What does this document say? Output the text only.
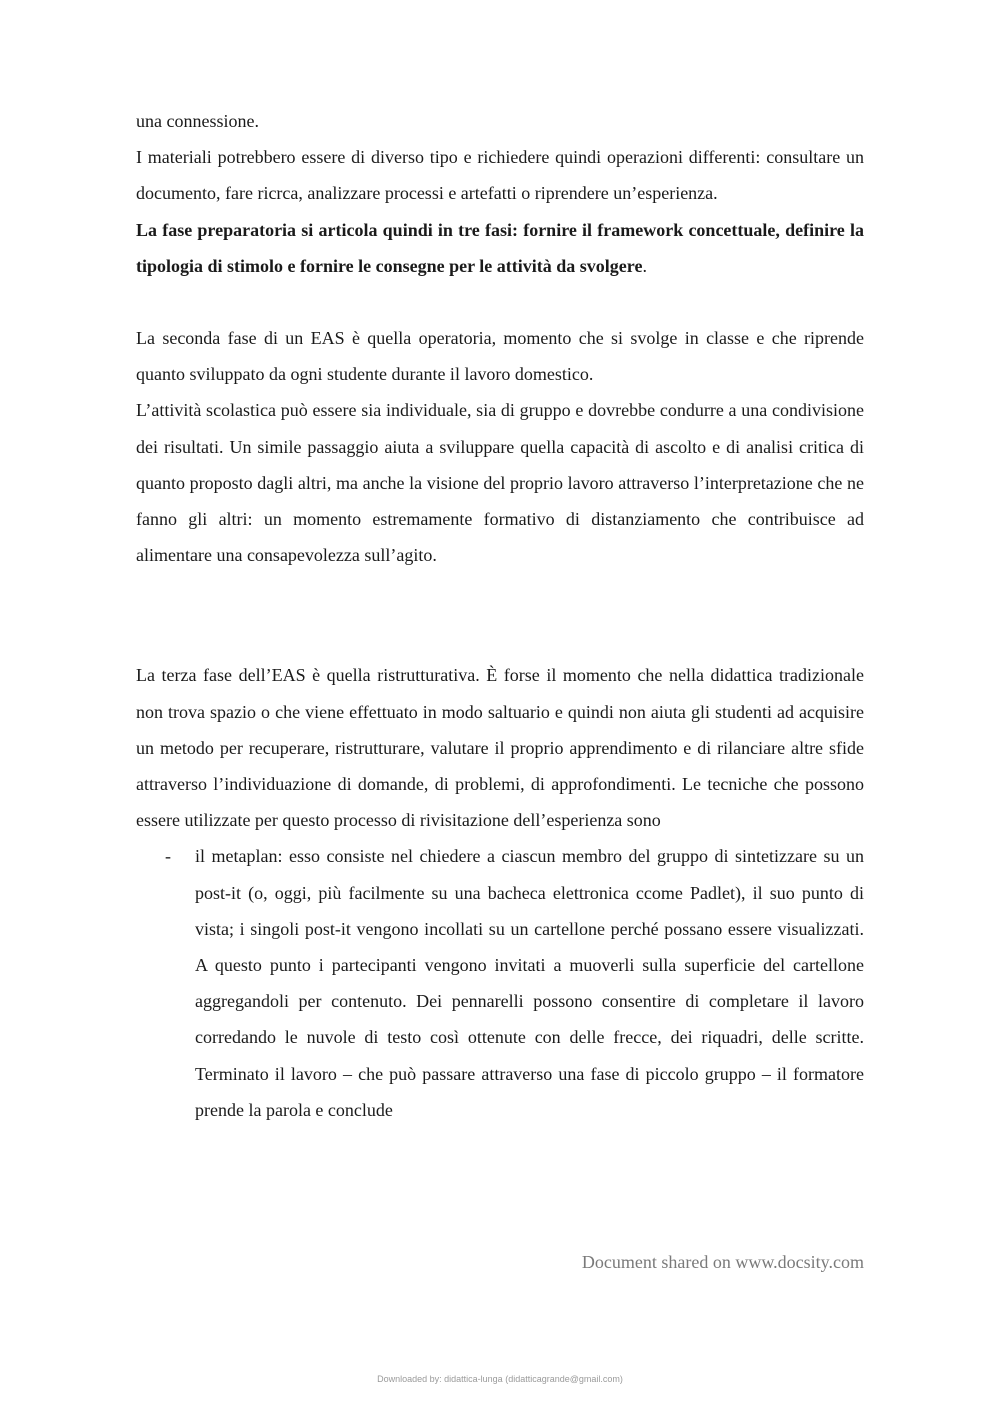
una connessione.

I materiali potrebbero essere di diverso tipo e richiedere quindi operazioni differenti: consultare un documento, fare ricrca, analizzare processi e artefatti o riprendere un’esperienza.

La fase preparatoria si articola quindi in tre fasi: fornire il framework concettuale, definire la tipologia di stimolo e fornire le consegne per le attività da svolgere.

La seconda fase di un EAS è quella operatoria, momento che si svolge in classe e che riprende quanto sviluppato da ogni studente durante il lavoro domestico.

L’attività scolastica può essere sia individuale, sia di gruppo e dovrebbe condurre a una condivisione dei risultati. Un simile passaggio aiuta a sviluppare quella capacità di ascolto e di analisi critica di quanto proposto dagli altri, ma anche la visione del proprio lavoro attraverso l’interpretazione che ne fanno gli altri: un momento estremamente formativo di distanziamento che contribuisce ad alimentare una consapevolezza sull’agito.

La terza fase dell’EAS è quella ristrutturativa. È forse il momento che nella didattica tradizionale non trova spazio o che viene effettuato in modo saltuario e quindi non aiuta gli studenti ad acquisire un metodo per recuperare, ristrutturare, valutare il proprio apprendimento e di rilanciare altre sfide attraverso l’individuazione di domande, di problemi, di approfondimenti. Le tecniche che possono essere utilizzate per questo processo di rivisitazione dell’esperienza sono

- il metaplan: esso consiste nel chiedere a ciascun membro del gruppo di sintetizzare su un post-it (o, oggi, più facilmente su una bacheca elettronica ccome Padlet), il suo punto di vista; i singoli post-it vengono incollati su un cartellone perché possano essere visualizzati. A questo punto i partecipanti vengono invitati a muoverli sulla superficie del cartellone aggregandoli per contenuto. Dei pennarelli possono consentire di completare il lavoro corredando le nuvole di testo così ottenute con delle frecce, dei riquadri, delle scritte. Terminato il lavoro – che può passare attraverso una fase di piccolo gruppo – il formatore prende la parola e conclude
Document shared on www.docsity.com
Downloaded by: didattica-lunga (didatticagrande@gmail.com)
